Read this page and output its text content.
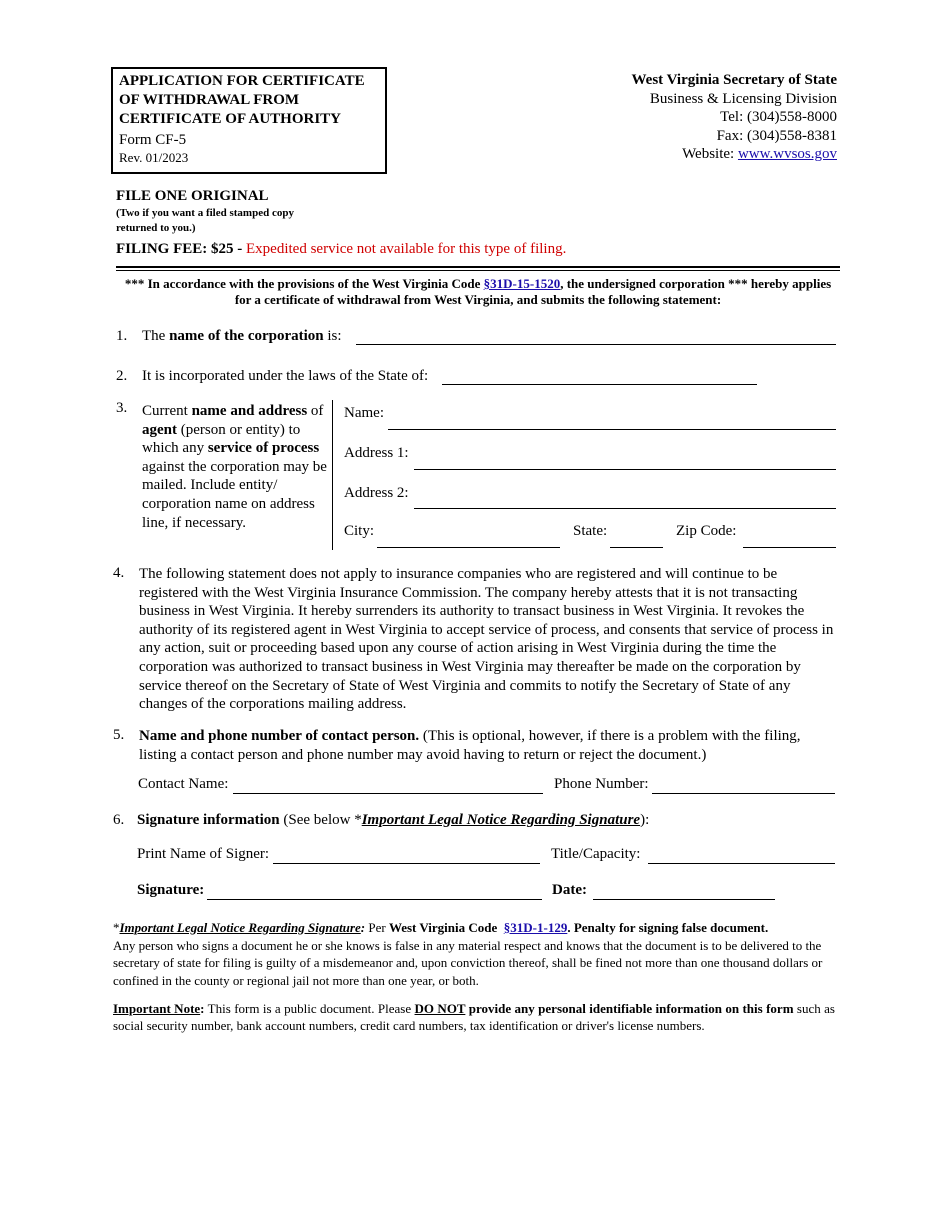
APPLICATION FOR CERTIFICATE OF WITHDRAWAL FROM CERTIFICATE OF AUTHORITY
Form CF-5
Rev. 01/2023
West Virginia Secretary of State
Business & Licensing Division
Tel: (304)558-8000
Fax: (304)558-8381
Website: www.wvsos.gov
FILE ONE ORIGINAL
(Two if you want a filed stamped copy returned to you.)
FILING FEE: $25 - Expedited service not available for this type of filing.
*** In accordance with the provisions of the West Virginia Code §31D-15-1520, the undersigned corporation *** hereby applies for a certificate of withdrawal from West Virginia, and submits the following statement:
1. The name of the corporation is:
2. It is incorporated under the laws of the State of:
3. Current name and address of agent (person or entity) to which any service of process against the corporation may be mailed. Include entity/ corporation name on address line, if necessary.
Name:
Address 1:
Address 2:
City:	State:	Zip Code:
4. The following statement does not apply to insurance companies who are registered and will continue to be registered with the West Virginia Insurance Commission. The company hereby attests that it is not transacting business in West Virginia. It hereby surrenders its authority to transact business in West Virginia. It revokes the authority of its registered agent in West Virginia to accept service of process, and consents that service of process in any action, suit or proceeding based upon any course of action arising in West Virginia during the time the corporation was authorized to transact business in West Virginia may thereafter be made on the corporation by service thereof on the Secretary of State of West Virginia and commits to notify the Secretary of State of any changes of the corporations mailing address.
5. Name and phone number of contact person. (This is optional, however, if there is a problem with the filing, listing a contact person and phone number may avoid having to return or reject the document.)
Contact Name:	Phone Number:
6. Signature information (See below *Important Legal Notice Regarding Signature):
Print Name of Signer:	Title/Capacity:
Signature:	Date:
*Important Legal Notice Regarding Signature: Per West Virginia Code §31D-1-129. Penalty for signing false document.
Any person who signs a document he or she knows is false in any material respect and knows that the document is to be delivered to the secretary of state for filing is guilty of a misdemeanor and, upon conviction thereof, shall be fined not more than one thousand dollars or confined in the county or regional jail not more than one year, or both.
Important Note: This form is a public document. Please DO NOT provide any personal identifiable information on this form such as social security number, bank account numbers, credit card numbers, tax identification or driver's license numbers.
